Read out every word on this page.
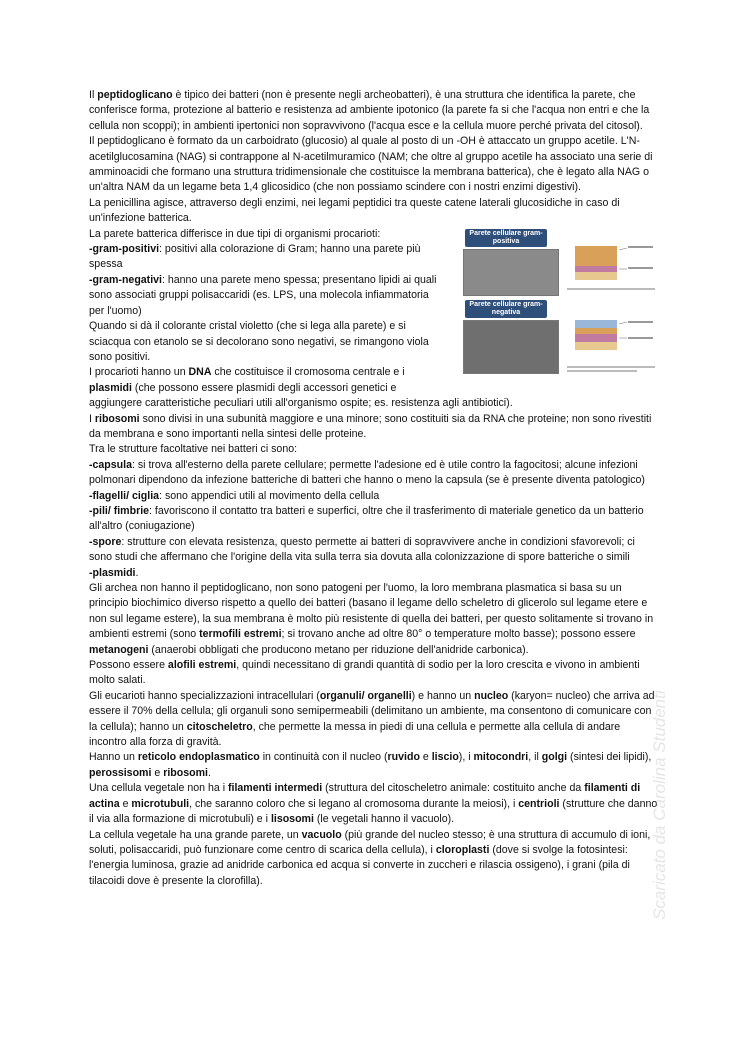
Il peptidoglicano è tipico dei batteri (non è presente negli archeobatteri), è una struttura che identifica la parete, che conferisce forma, protezione al batterio e resistenza ad ambiente ipotonico (la parete fa si che l'acqua non entri e che la cellula non scoppi); in ambienti ipertonici non sopravvivono (l'acqua esce e la cellula muore perché privata del citosol).

Il peptidoglicano è formato da un carboidrato (glucosio) al quale al posto di un -OH è attaccato un gruppo acetile. L'N-acetilglucosamina (NAG) si contrappone al N-acetilmuramico (NAM; che oltre al gruppo acetile ha associato una serie di amminoacidi che formano una struttura tridimensionale che costituisce la membrana batterica), che è legato alla NAG o un'altra NAM da un legame beta 1,4 glicosidico (che non possiamo scindere con i nostri enzimi digestivi).

La penicillina agisce, attraverso degli enzimi, nei legami peptidici tra queste catene laterali glucosidiche in caso di un'infezione batterica.

Parete cellulare gram-positiva
Parete cellulare gram-negativa

La parete batterica differisce in due tipi di organismi procarioti:

-gram-positivi: positivi alla colorazione di Gram; hanno una parete più spessa

-gram-negativi: hanno una parete meno spessa; presentano lipidi ai quali sono associati gruppi polisaccaridi (es. LPS, una molecola infiammatoria per l'uomo)

Quando si dà il colorante cristal violetto (che si lega alla parete) e si sciacqua con etanolo se si decolorano sono negativi, se rimangono viola sono positivi.

I procarioti hanno un DNA che costituisce il cromosoma centrale e i plasmidi (che possono essere plasmidi degli accessori genetici e aggiungere caratteristiche peculiari utili all'organismo ospite; es. resistenza agli antibiotici).

I ribosomi sono divisi in una subunità maggiore e una minore; sono costituiti sia da RNA che proteine; non sono rivestiti da membrana e sono importanti nella sintesi delle proteine.

Tra le strutture facoltative nei batteri ci sono:

-capsula: si trova all'esterno della parete cellulare; permette l'adesione ed è utile contro la fagocitosi; alcune infezioni polmonari dipendono da infezione batteriche di batteri che hanno o meno la capsula (se è presente diventa patologico)

-flagelli/ ciglia: sono appendici utili al movimento della cellula

-pili/ fimbrie: favoriscono il contatto tra batteri e superfici, oltre che il trasferimento di materiale genetico da un batterio all'altro (coniugazione)

-spore: strutture con elevata resistenza, questo permette ai batteri di sopravvivere anche in condizioni sfavorevoli; ci sono studi che affermano che l'origine della vita sulla terra sia dovuta alla colonizzazione di spore batteriche o simili

-plasmidi.

Gli archea non hanno il peptidoglicano, non sono patogeni per l'uomo, la loro membrana plasmatica si basa su un principio biochimico diverso rispetto a quello dei batteri (basano il legame dello scheletro di glicerolo sul legame etere e non sul legame estere), la sua membrana è molto più resistente di quella dei batteri, per questo solitamente si trovano in ambienti estremi (sono termofili estremi; si trovano anche ad oltre 80° o temperature molto basse); possono essere metanogeni (anaerobi obbligati che producono metano per riduzione dell'anidride carbonica).

Possono essere alofili estremi, quindi necessitano di grandi quantità di sodio per la loro crescita e vivono in ambienti molto salati.

Gli eucarioti hanno specializzazioni intracellulari (organuli/ organelli) e hanno un nucleo (karyon= nucleo) che arriva ad essere il 70% della cellula; gli organuli sono semipermeabili (delimitano un ambiente, ma consentono di comunicare con la cellula); hanno un citoscheletro, che permette la messa in piedi di una cellula e permette alla cellula di andare incontro alla forza di gravità.

Hanno un reticolo endoplasmatico in continuità con il nucleo (ruvido e liscio), i mitocondri, il golgi (sintesi dei lipidi), perossisomi e ribosomi.

Una cellula vegetale non ha i filamenti intermedi (struttura del citoscheletro animale: costituito anche da filamenti di actina e microtubuli, che saranno coloro che si legano al cromosoma durante la meiosi), i centrioli (strutture che danno il via alla formazione di microtubuli) e i lisosomi (le vegetali hanno il vacuolo).

La cellula vegetale ha una grande parete, un vacuolo (più grande del nucleo stesso; è una struttura di accumulo di ioni, soluti, polisaccaridi, può funzionare come centro di scarica della cellula), i cloroplasti (dove si svolge la fotosintesi: l'energia luminosa, grazie ad anidride carbonica ed acqua si converte in zuccheri e rilascia ossigeno), i grani (pila di tilacoidi dove è presente la clorofilla).	Scaricato da Carolina Studenti
